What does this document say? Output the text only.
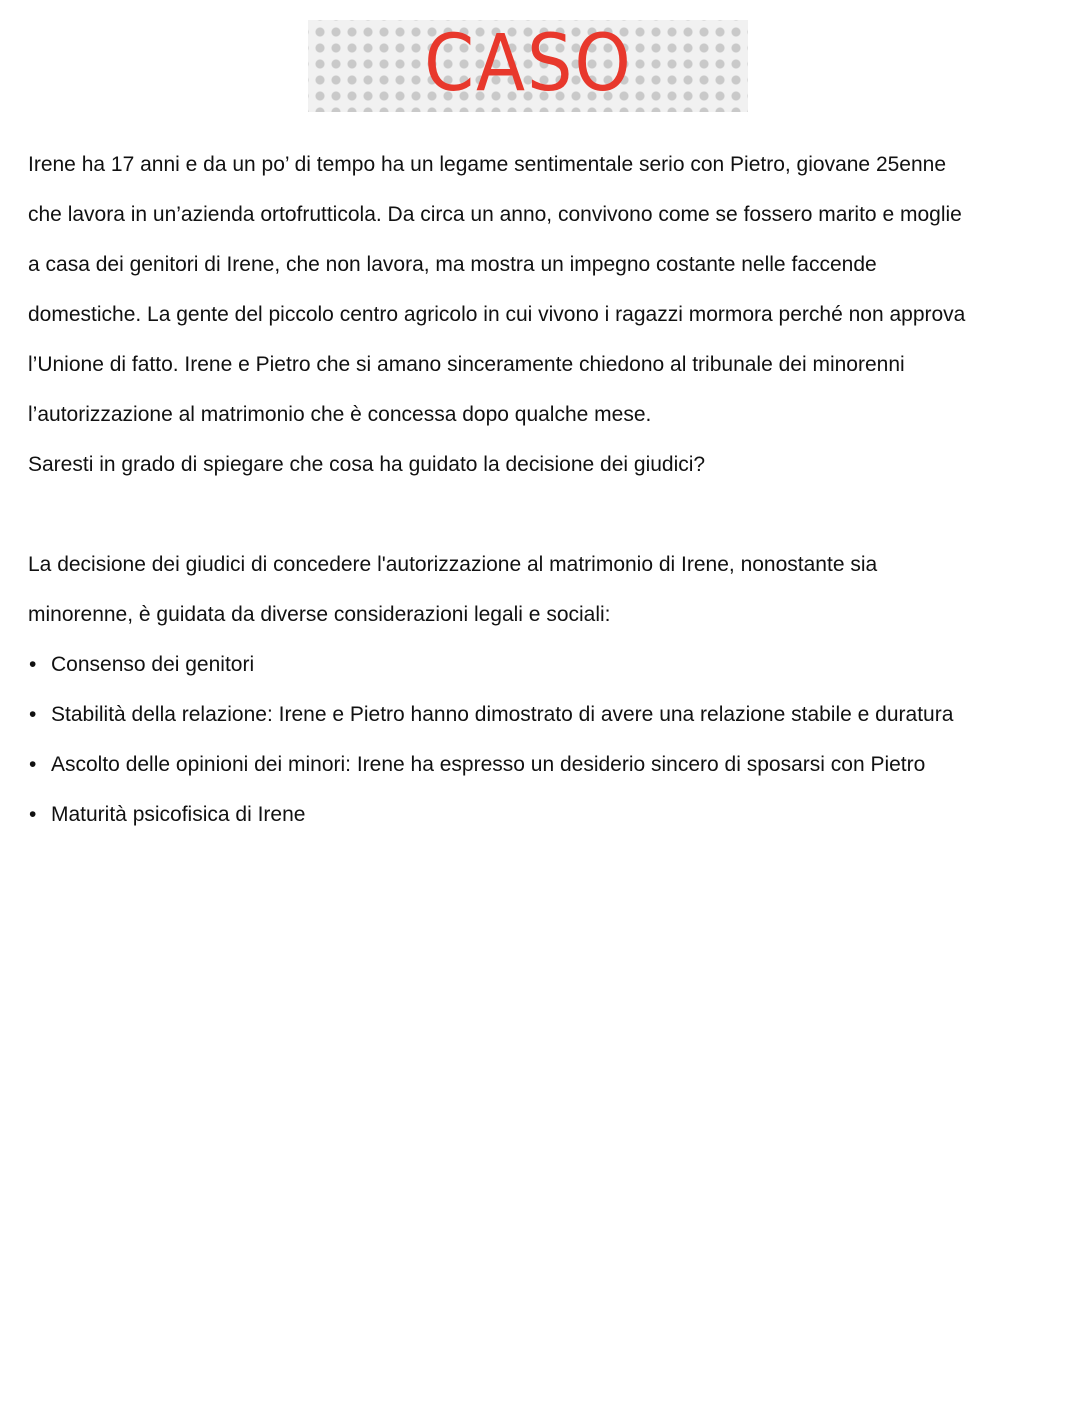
CASO
Irene ha 17 anni e da un po’ di tempo ha un legame sentimentale serio con Pietro, giovane 25enne
che lavora in un’azienda ortofrutticola. Da circa un anno, convivono come se fossero marito e moglie
a casa dei genitori di Irene, che non lavora, ma mostra un impegno costante nelle faccende
domestiche. La gente del piccolo centro agricolo in cui vivono i ragazzi mormora perché non approva
l’Unione di fatto. Irene e Pietro che si amano sinceramente chiedono al tribunale dei minorenni
l’autorizzazione al matrimonio che è concessa dopo qualche mese.
Saresti in grado di spiegare che cosa ha guidato la decisione dei giudici?
La decisione dei giudici di concedere l'autorizzazione al matrimonio di Irene, nonostante sia
minorenne, è guidata da diverse considerazioni legali e sociali:
• Consenso dei genitori
• Stabilità della relazione: Irene e Pietro hanno dimostrato di avere una relazione stabile e duratura
• Ascolto delle opinioni dei minori: Irene ha espresso un desiderio sincero di sposarsi con Pietro
• Maturità psicofisica di Irene
